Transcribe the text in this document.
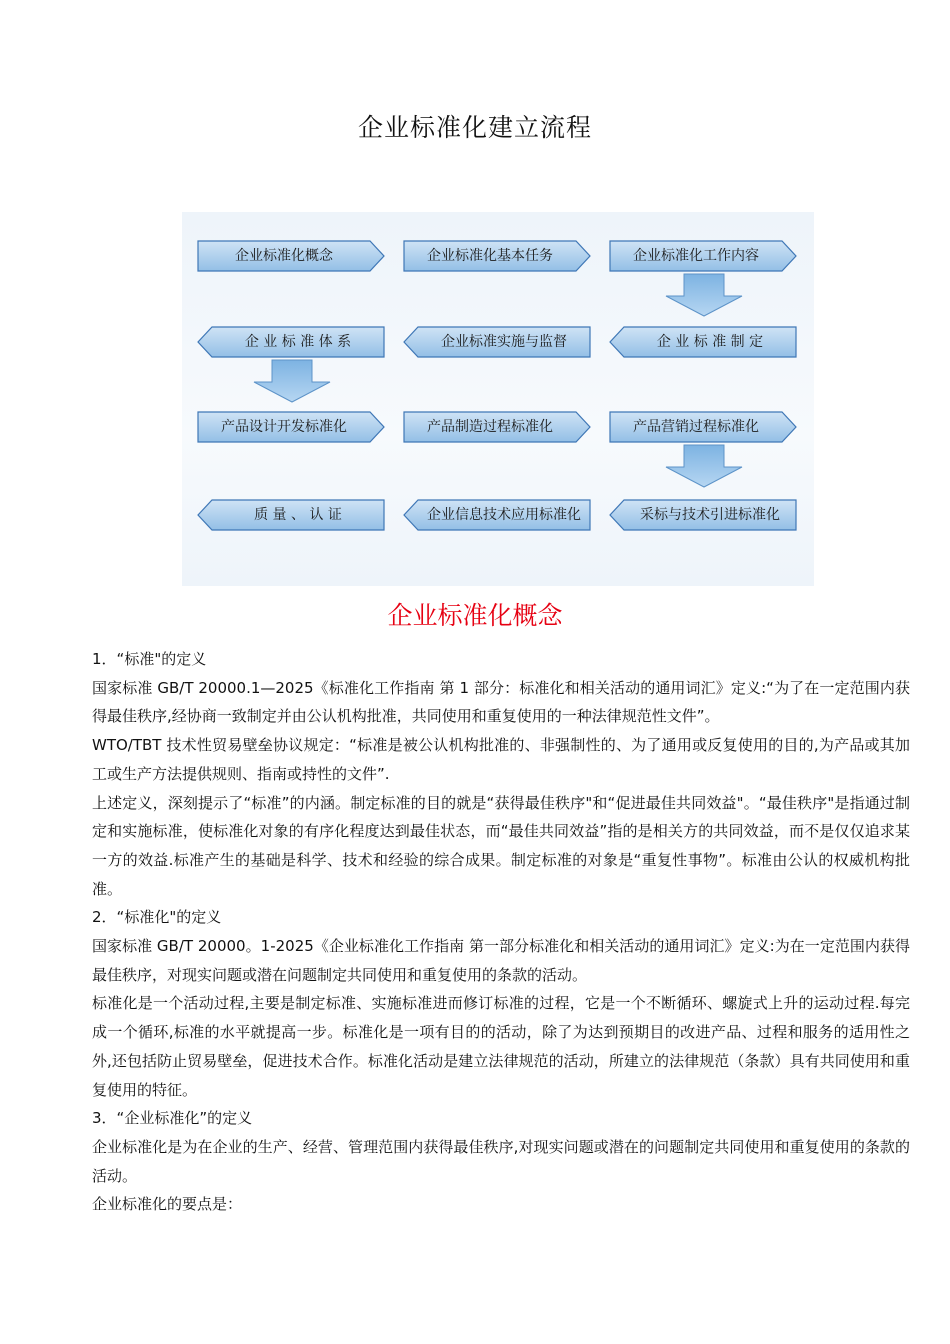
企业标准化建立流程
企业标准化概念	企业标准化基本任务	企业标准化工作内容
企 业 标 准 体 系	企业标准实施与监督	企 业 标 准 制 定
产品设计开发标准化	产品制造过程标准化	产品营销过程标准化
质 量 、 认 证	企业信息技术应用标准化	采标与技术引进标准化
企业标准化概念

1．“标准"的定义

国家标准 GB/T 20000.1—2025《标准化工作指南 第 1 部分：标准化和相关活动的通用词汇》定义:“为了在一定范围内获得最佳秩序,经协商一致制定并由公认机构批准，共同使用和重复使用的一种法律规范性文件”。

WTO/TBT 技术性贸易壁垒协议规定：“标准是被公认机构批准的、非强制性的、为了通用或反复使用的目的,为产品或其加工或生产方法提供规则、指南或持性的文件”.

上述定义，深刻提示了“标准”的内涵。制定标准的目的就是“获得最佳秩序"和“促进最佳共同效益"。“最佳秩序"是指通过制定和实施标准，使标准化对象的有序化程度达到最佳状态，而“最佳共同效益”指的是相关方的共同效益，而不是仅仅追求某一方的效益.标准产生的基础是科学、技术和经验的综合成果。制定标准的对象是“重复性事物”。标准由公认的权威机构批准。

2．“标准化"的定义

国家标准 GB/T 20000。1-2025《企业标准化工作指南 第一部分标准化和相关活动的通用词汇》定义:为在一定范围内获得最佳秩序，对现实问题或潜在问题制定共同使用和重复使用的条款的活动。

标准化是一个活动过程,主要是制定标准、实施标准进而修订标准的过程，它是一个不断循环、螺旋式上升的运动过程.每完成一个循环,标准的水平就提高一步。标准化是一项有目的的活动，除了为达到预期目的改进产品、过程和服务的适用性之外,还包括防止贸易壁垒，促进技术合作。标准化活动是建立法律规范的活动，所建立的法律规范（条款）具有共同使用和重复使用的特征。

3．“企业标准化”的定义

企业标准化是为在企业的生产、经营、管理范围内获得最佳秩序,对现实问题或潜在的问题制定共同使用和重复使用的条款的活动。

企业标准化的要点是：
